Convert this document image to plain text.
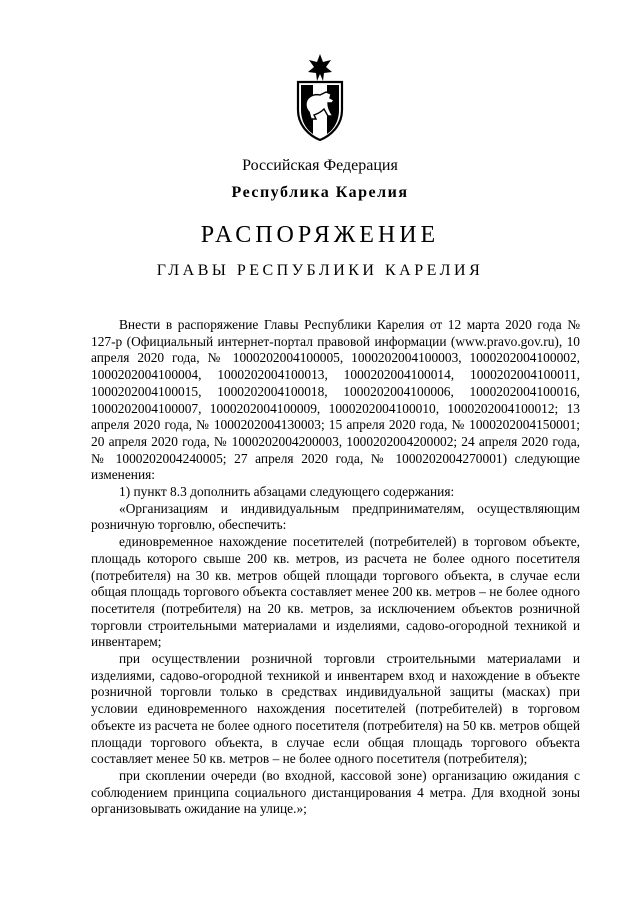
Российская Федерация
Республика Карелия
РАСПОРЯЖЕНИЕ
ГЛАВЫ РЕСПУБЛИКИ КАРЕЛИЯ

Внести в распоряжение Главы Республики Карелия от 12 марта 2020 года № 127-р (Официальный интернет-портал правовой информации (www.pravo.gov.ru), 10 апреля 2020 года, № 1000202004100005, 1000202004100003, 1000202004100002, 1000202004100004, 1000202004100013, 1000202004100014, 1000202004100011, 1000202004100015, 1000202004100018, 1000202004100006, 1000202004100016, 1000202004100007, 1000202004100009, 1000202004100010, 1000202004100012; 13 апреля 2020 года, № 1000202004130003; 15 апреля 2020 года, № 1000202004150001; 20 апреля 2020 года, № 1000202004200003, 1000202004200002; 24 апреля 2020 года, № 1000202004240005; 27 апреля 2020 года, № 1000202004270001) следующие изменения:

1) пункт 8.3 дополнить абзацами следующего содержания:

«Организациям и индивидуальным предпринимателям, осуществляющим розничную торговлю, обеспечить:

единовременное нахождение посетителей (потребителей) в торговом объекте, площадь которого свыше 200 кв. метров, из расчета не более одного посетителя (потребителя) на 30 кв. метров общей площади торгового объекта, в случае если общая площадь торгового объекта составляет менее 200 кв. метров – не более одного посетителя (потребителя) на 20 кв. метров, за исключением объектов розничной торговли строительными материалами и изделиями, садово-огородной техникой и инвентарем;

при осуществлении розничной торговли строительными материалами и изделиями, садово-огородной техникой и инвентарем вход и нахождение в объекте розничной торговли только в средствах индивидуальной защиты (масках) при условии единовременного нахождения посетителей (потребителей) в торговом объекте из расчета не более одного посетителя (потребителя) на 50 кв. метров общей площади торгового объекта, в случае если общая площадь торгового объекта составляет менее 50 кв. метров – не более одного посетителя (потребителя);

при скоплении очереди (во входной, кассовой зоне) организацию ожидания с соблюдением принципа социального дистанцирования 4 метра. Для входной зоны организовывать ожидание на улице.»;
